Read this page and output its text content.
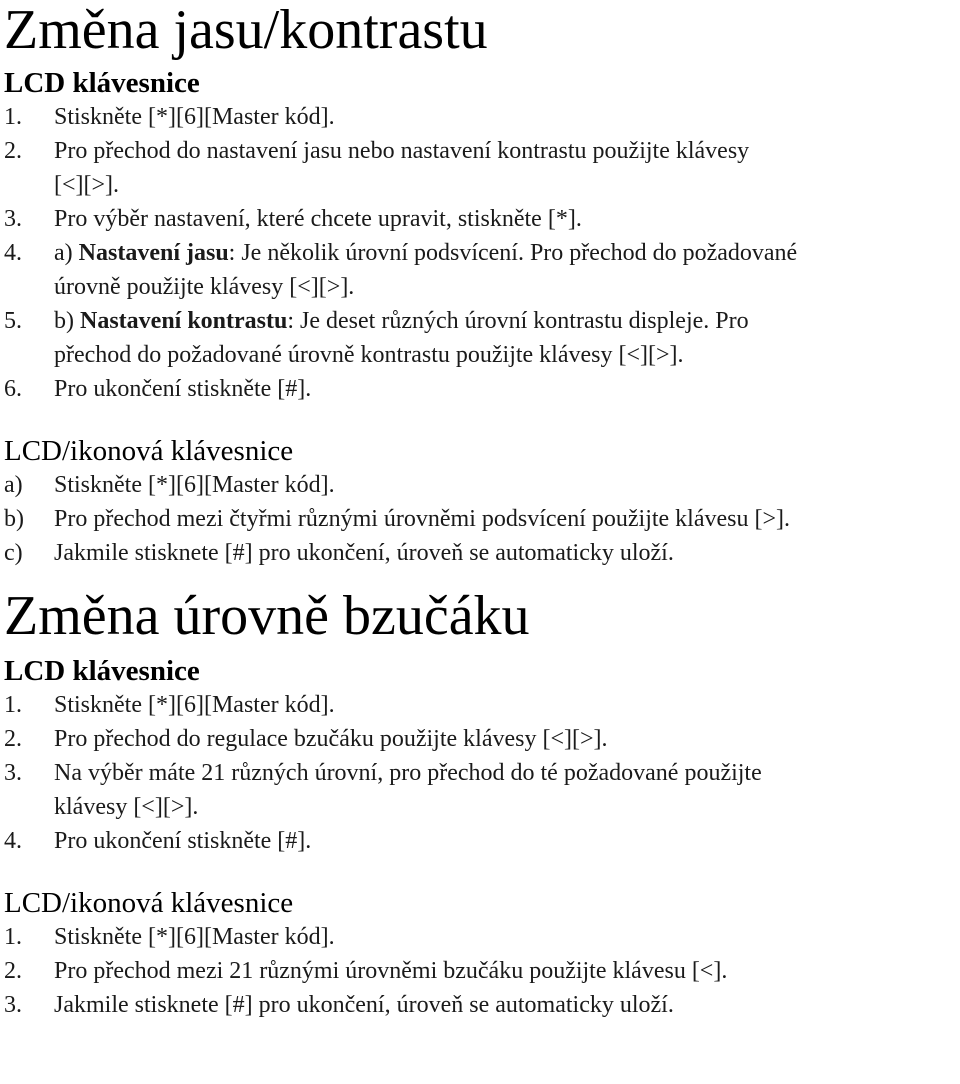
Změna jasu/kontrastu
LCD klávesnice
1.	Stiskněte [*][6][Master kód].
2.	Pro přechod do nastavení jasu nebo nastavení kontrastu použijte klávesy
[<][>].
3.	Pro výběr nastavení, které chcete upravit, stiskněte [*].
4.	a) Nastavení jasu: Je několik úrovní podsvícení. Pro přechod do požadované
úrovně použijte klávesy [<][>].
5.	b) Nastavení kontrastu: Je deset různých úrovní kontrastu displeje. Pro
přechod do požadované úrovně kontrastu použijte klávesy [<][>].
6.	Pro ukončení stiskněte [#].
LCD/ikonová klávesnice
a)	Stiskněte [*][6][Master kód].
b)	Pro přechod mezi čtyřmi různými úrovněmi podsvícení použijte klávesu [>].
c)	Jakmile stisknete [#] pro ukončení, úroveň se automaticky uloží.
Změna úrovně bzučáku
LCD klávesnice
1.	Stiskněte [*][6][Master kód].
2.	Pro přechod do regulace bzučáku použijte klávesy [<][>].
3.	Na výběr máte 21 různých úrovní, pro přechod do té požadované použijte
klávesy [<][>].
4.	Pro ukončení stiskněte [#].
LCD/ikonová klávesnice
1.	Stiskněte [*][6][Master kód].
2.	Pro přechod mezi 21 různými úrovněmi bzučáku použijte klávesu [<].
3.	Jakmile stisknete [#] pro ukončení, úroveň se automaticky uloží.
